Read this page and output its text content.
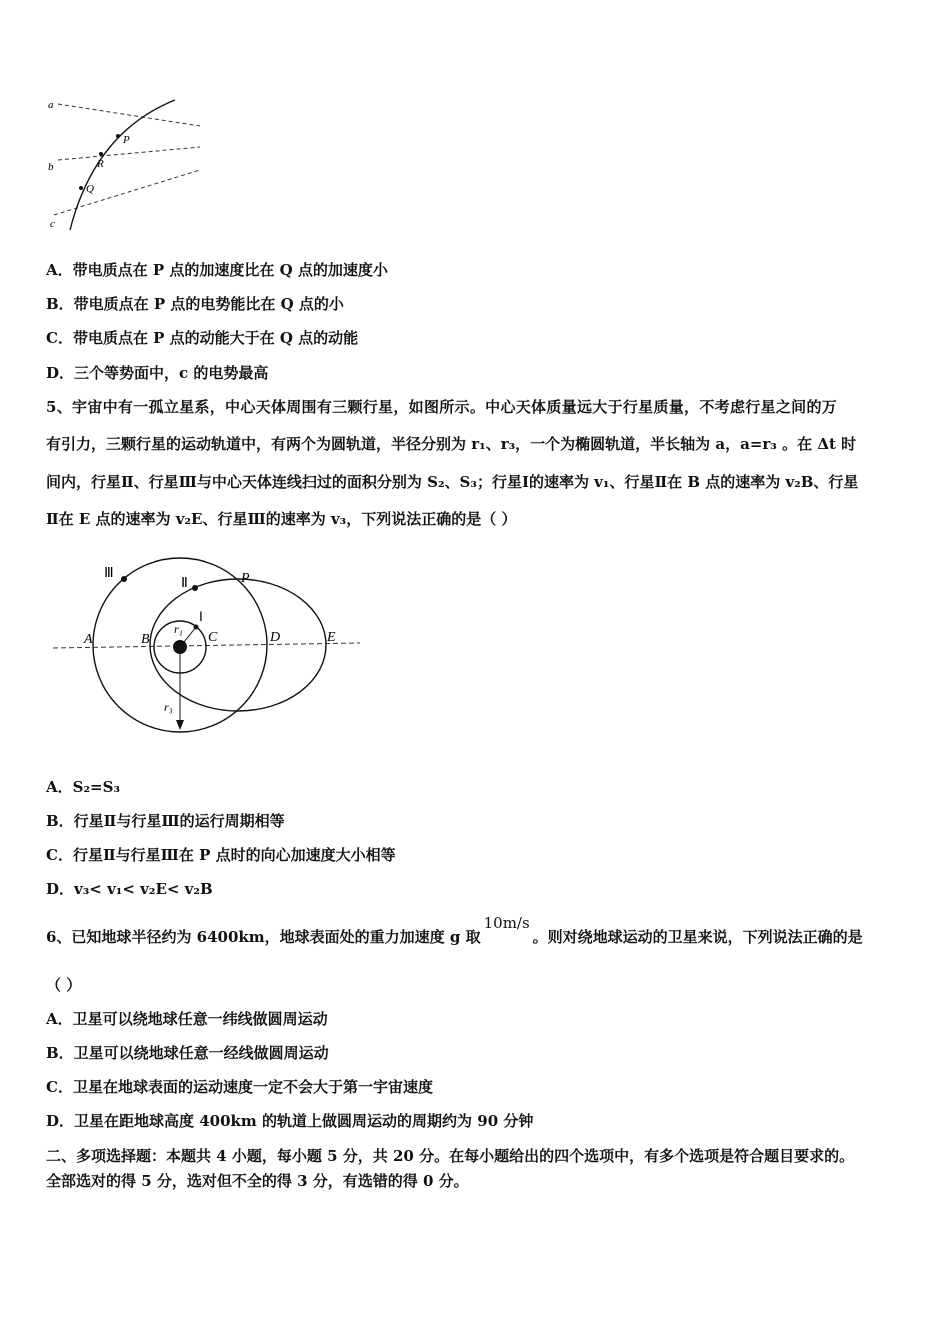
a
b
c
P
R
Q
A．带电质点在 P 点的加速度比在 Q 点的加速度小
B．带电质点在 P 点的电势能比在 Q 点的小
C．带电质点在 P 点的动能大于在 Q 点的动能
D．三个等势面中，c 的电势最高
5、宇宙中有一孤立星系，中心天体周围有三颗行星，如图所示。中心天体质量远大于行星质量，不考虑行星之间的万
有引力，三颗行星的运动轨道中，有两个为圆轨道，半径分别为 r₁、r₃，一个为椭圆轨道，半长轴为 a，a=r₃ 。在 Δt 时
间内，行星Ⅱ、行星Ⅲ与中心天体连线扫过的面积分别为 S₂、S₃；行星Ⅰ的速率为 v₁、行星Ⅱ在 B 点的速率为 v₂B、行星
Ⅱ在 E 点的速率为 v₂E、行星Ⅲ的速率为 v₃，下列说法正确的是（ ）
Ⅲ
Ⅱ	P
Ⅰ
r₁
A	B	C	D	E
r₃
A．S₂=S₃
B．行星Ⅱ与行星Ⅲ的运行周期相等
C．行星Ⅱ与行星Ⅲ在 P 点时的向心加速度大小相等
D．v₃< v₁< v₂E< v₂B
6、已知地球半径约为 6400km，地球表面处的重力加速度 g 取10m/s。则对绕地球运动的卫星来说，下列说法正确的是
（ ）
A．卫星可以绕地球任意一纬线做圆周运动
B．卫星可以绕地球任意一经线做圆周运动
C．卫星在地球表面的运动速度一定不会大于第一宇宙速度
D．卫星在距地球高度 400km 的轨道上做圆周运动的周期约为 90 分钟
二、多项选择题：本题共 4 小题，每小题 5 分，共 20 分。在每小题给出的四个选项中，有多个选项是符合题目要求的。
全部选对的得 5 分，选对但不全的得 3 分，有选错的得 0 分。
